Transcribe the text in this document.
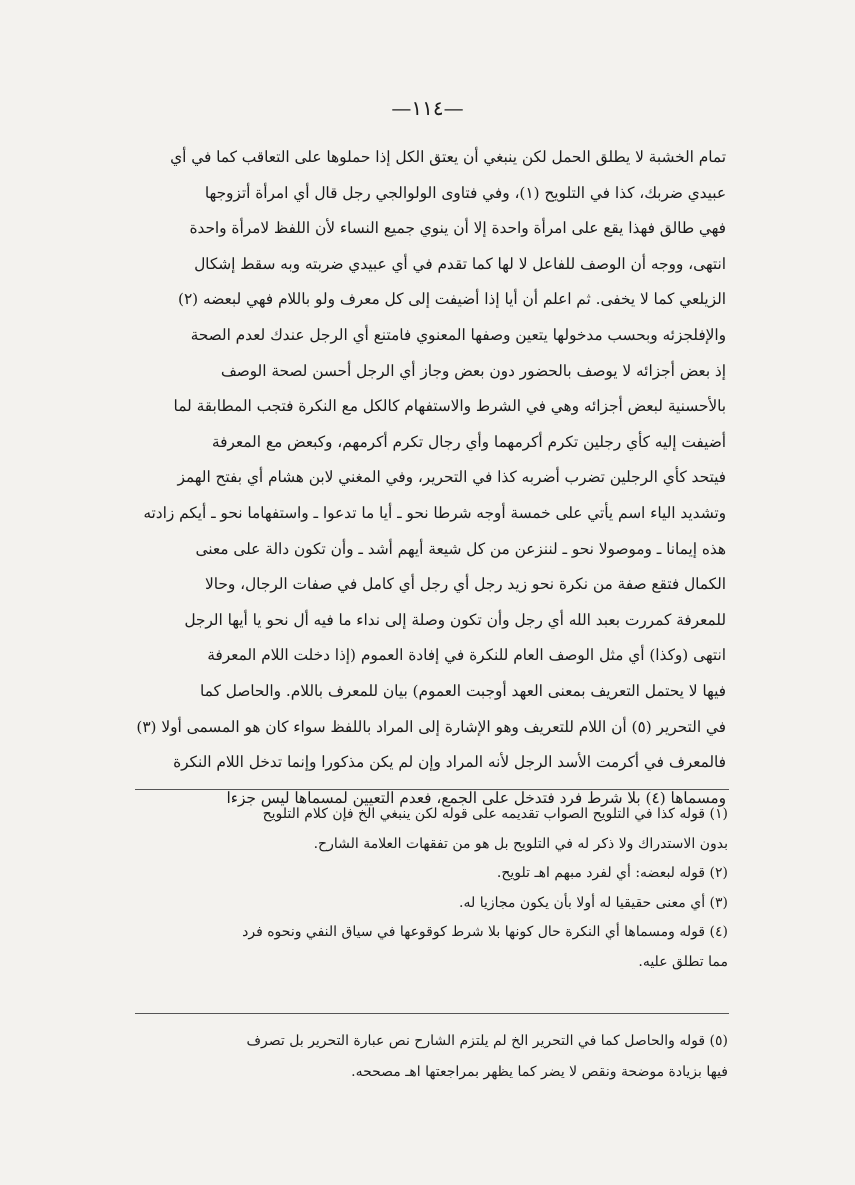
—١١٤—
تمام الخشبة لا يطلق الحمل لكن ينبغي أن يعتق الكل إذا حملوها على التعاقب كما في أي
عبيدي ضربك، كذا في التلويح (١)، وفي فتاوى الولوالجي رجل قال أي امرأة أتزوجها
فهي طالق فهذا يقع على امرأة واحدة إلا أن ينوي جميع النساء لأن اللفظ لامرأة واحدة
انتهى، ووجه أن الوصف للفاعل لا لها كما تقدم في أي عبيدي ضربته وبه سقط إشكال
الزيلعي كما لا يخفى. ثم اعلم أن أيا إذا أضيفت إلى كل معرف ولو باللام فهي لبعضه (٢)
والإفلجزئه وبحسب مدخولها يتعين وصفها المعنوي فامتنع أي الرجل عندك لعدم الصحة
إذ بعض أجزائه لا يوصف بالحضور دون بعض وجاز أي الرجل أحسن لصحة الوصف
بالأحسنية لبعض أجزائه وهي في الشرط والاستفهام كالكل مع النكرة فتجب المطابقة لما
أضيفت إليه كأي رجلين تكرم أكرمهما وأي رجال تكرم أكرمهم، وكبعض مع المعرفة
فيتحد كأي الرجلين تضرب أضربه كذا في التحرير، وفي المغني لابن هشام أي بفتح الهمز
وتشديد الياء اسم يأتي على خمسة أوجه شرطا نحو ـ أيا ما تدعوا ـ واستفهاما نحو ـ أيكم زادته
هذه إيمانا ـ وموصولا نحو ـ لننزعن من كل شيعة أيهم أشد ـ وأن تكون دالة على معنى
الكمال فتقع صفة من نكرة نحو زيد رجل أي رجل أي كامل في صفات الرجال، وحالا
للمعرفة كمررت بعبد الله أي رجل وأن تكون وصلة إلى نداء ما فيه أل نحو يا أيها الرجل
انتهى (وكذا) أي مثل الوصف العام للنكرة في إفادة العموم (إذا دخلت اللام المعرفة
فيها لا يحتمل التعريف بمعنى العهد أوجبت العموم) بيان للمعرف باللام. والحاصل كما
في التحرير (٥) أن اللام للتعريف وهو الإشارة إلى المراد باللفظ سواء كان هو المسمى أولا (٣)
فالمعرف في أكرمت الأسد الرجل لأنه المراد وإن لم يكن مذكورا وإنما تدخل اللام النكرة
ومسماها (٤) بلا شرط فرد فتدخل على الجمع، فعدم التعيين لمسماها ليس جزءا
(١) قوله كذا في التلويح الصواب تقديمه على قوله لكن ينبغي الخ فإن كلام التلويح
بدون الاستدراك ولا ذكر له في التلويح بل هو من تفقهات العلامة الشارح.
(٢) قوله لبعضه: أي لفرد مبهم اهـ تلويح.
(٣) أي معنى حقيقيا له أولا بأن يكون مجازيا له.
(٤) قوله ومسماها أي النكرة حال كونها بلا شرط كوقوعها في سياق النفي ونحوه فرد
مما تطلق عليه.
(٥) قوله والحاصل كما في التحرير الخ لم يلتزم الشارح نص عبارة التحرير بل تصرف
فيها بزيادة موضحة ونقص لا يضر كما يظهر بمراجعتها اهـ مصححه.
